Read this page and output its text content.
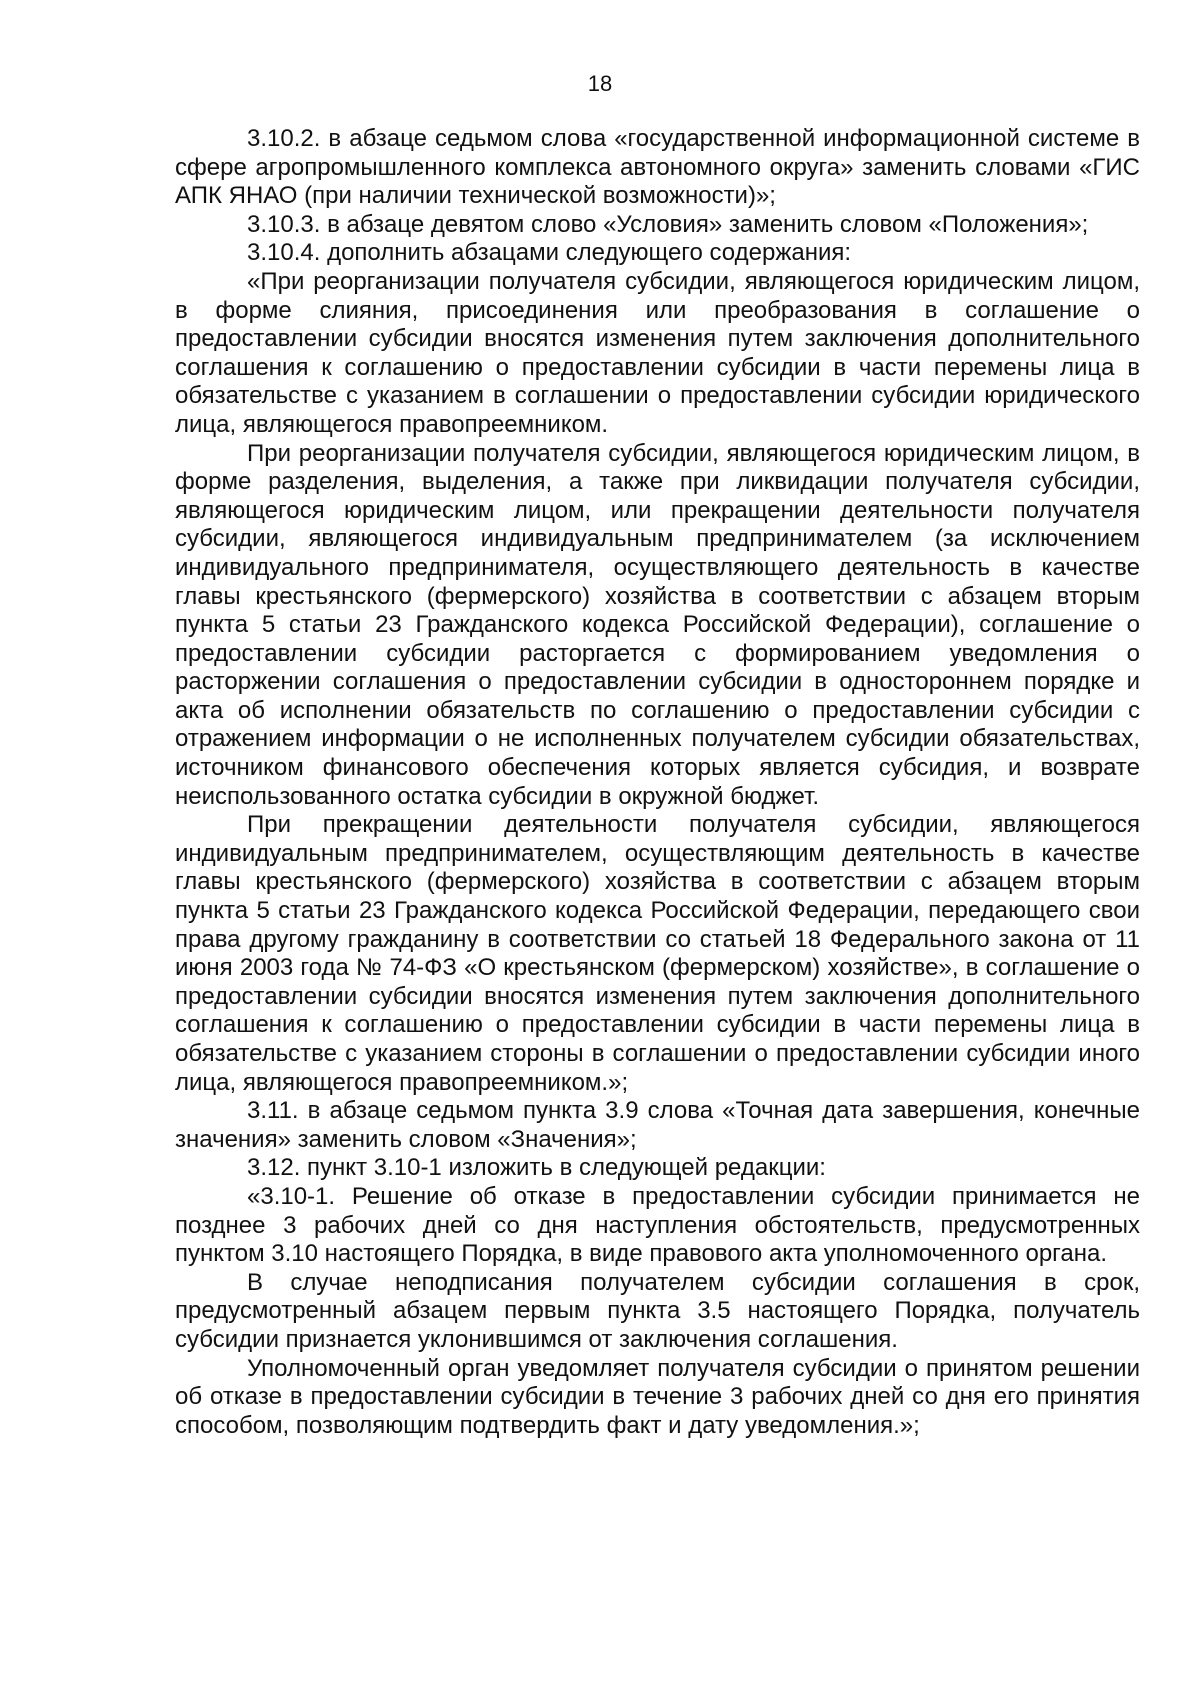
18

3.10.2. в абзаце седьмом слова «государственной информационной системе в сфере агропромышленного комплекса автономного округа» заменить словами «ГИС АПК ЯНАО (при наличии технической возможности)»;

3.10.3. в абзаце девятом слово «Условия» заменить словом «Положения»;

3.10.4. дополнить абзацами следующего содержания:

«При реорганизации получателя субсидии, являющегося юридическим лицом, в форме слияния, присоединения или преобразования в соглашение о предоставлении субсидии вносятся изменения путем заключения дополнительного соглашения к соглашению о предоставлении субсидии в части перемены лица в обязательстве с указанием в соглашении о предоставлении субсидии юридического лица, являющегося правопреемником.

При реорганизации получателя субсидии, являющегося юридическим лицом, в форме разделения, выделения, а также при ликвидации получателя субсидии, являющегося юридическим лицом, или прекращении деятельности получателя субсидии, являющегося индивидуальным предпринимателем (за исключением индивидуального предпринимателя, осуществляющего деятельность в качестве главы крестьянского (фермерского) хозяйства в соответствии с абзацем вторым пункта 5 статьи 23 Гражданского кодекса Российской Федерации), соглашение о предоставлении субсидии расторгается с формированием уведомления о расторжении соглашения о предоставлении субсидии в одностороннем порядке и акта об исполнении обязательств по соглашению о предоставлении субсидии с отражением информации о не исполненных получателем субсидии обязательствах, источником финансового обеспечения которых является субсидия, и возврате неиспользованного остатка субсидии в окружной бюджет.

При прекращении деятельности получателя субсидии, являющегося индивидуальным предпринимателем, осуществляющим деятельность в качестве главы крестьянского (фермерского) хозяйства в соответствии с абзацем вторым пункта 5 статьи 23 Гражданского кодекса Российской Федерации, передающего свои права другому гражданину в соответствии со статьей 18 Федерального закона от 11 июня 2003 года № 74-ФЗ «О крестьянском (фермерском) хозяйстве», в соглашение о предоставлении субсидии вносятся изменения путем заключения дополнительного соглашения к соглашению о предоставлении субсидии в части перемены лица в обязательстве с указанием стороны в соглашении о предоставлении субсидии иного лица, являющегося правопреемником.»;

3.11. в абзаце седьмом пункта 3.9 слова «Точная дата завершения, конечные значения» заменить словом «Значения»;

3.12. пункт 3.10-1 изложить в следующей редакции:

«3.10-1. Решение об отказе в предоставлении субсидии принимается не позднее 3 рабочих дней со дня наступления обстоятельств, предусмотренных пунктом 3.10 настоящего Порядка, в виде правового акта уполномоченного органа.

В случае неподписания получателем субсидии соглашения в срок, предусмотренный абзацем первым пункта 3.5 настоящего Порядка, получатель субсидии признается уклонившимся от заключения соглашения.

Уполномоченный орган уведомляет получателя субсидии о принятом решении об отказе в предоставлении субсидии в течение 3 рабочих дней со дня его принятия способом, позволяющим подтвердить факт и дату уведомления.»;
